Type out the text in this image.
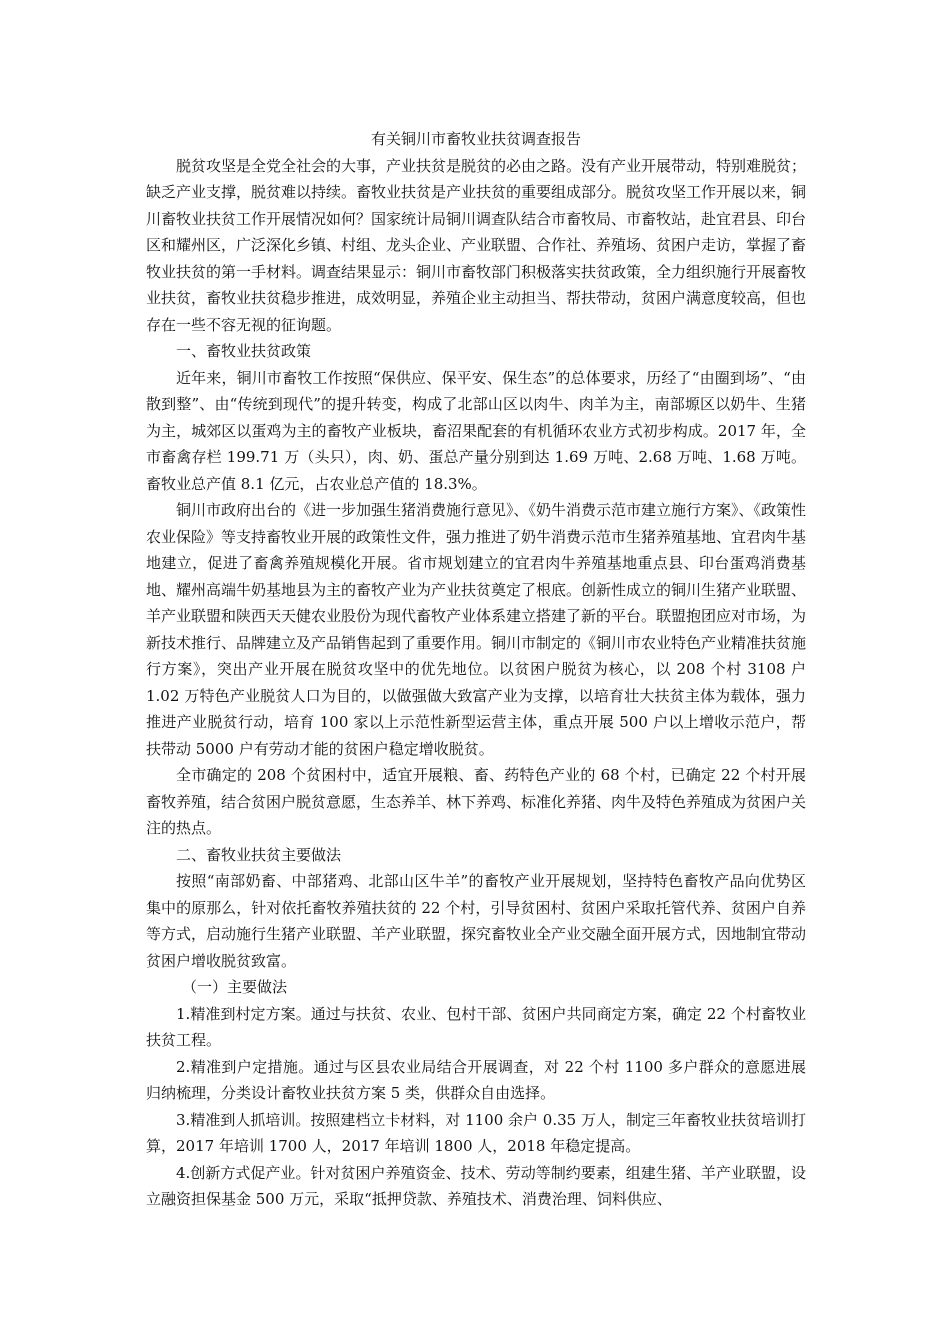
有关铜川市畜牧业扶贫调查报告

脱贫攻坚是全党全社会的大事，产业扶贫是脱贫的必由之路。没有产业开展带动，特别难脱贫；缺乏产业支撑，脱贫难以持续。畜牧业扶贫是产业扶贫的重要组成部分。脱贫攻坚工作开展以来，铜川畜牧业扶贫工作开展情况如何？国家统计局铜川调查队结合市畜牧局、市畜牧站，赴宜君县、印台区和耀州区，广泛深化乡镇、村组、龙头企业、产业联盟、合作社、养殖场、贫困户走访，掌握了畜牧业扶贫的第一手材料。调查结果显示：铜川市畜牧部门积极落实扶贫政策，全力组织施行开展畜牧业扶贫，畜牧业扶贫稳步推进，成效明显，养殖企业主动担当、帮扶带动，贫困户满意度较高，但也存在一些不容无视的征询题。

一、畜牧业扶贫政策

近年来，铜川市畜牧工作按照“保供应、保平安、保生态”的总体要求，历经了“由圈到场”、“由散到整”、由“传统到现代”的提升转变，构成了北部山区以肉牛、肉羊为主，南部塬区以奶牛、生猪为主，城郊区以蛋鸡为主的畜牧产业板块，畜沼果配套的有机循环农业方式初步构成。2017 年，全市畜禽存栏 199.71 万（头只），肉、奶、蛋总产量分别到达 1.69 万吨、2.68 万吨、1.68 万吨。畜牧业总产值 8.1 亿元，占农业总产值的 18.3%。

铜川市政府出台的《进一步加强生猪消费施行意见》、《奶牛消费示范市建立施行方案》、《政策性农业保险》等支持畜牧业开展的政策性文件，强力推进了奶牛消费示范市生猪养殖基地、宜君肉牛基地建立，促进了畜禽养殖规模化开展。省市规划建立的宜君肉牛养殖基地重点县、印台蛋鸡消费基地、耀州高端牛奶基地县为主的畜牧产业为产业扶贫奠定了根底。创新性成立的铜川生猪产业联盟、羊产业联盟和陕西天天健农业股份为现代畜牧产业体系建立搭建了新的平台。联盟抱团应对市场，为新技术推行、品牌建立及产品销售起到了重要作用。铜川市制定的《铜川市农业特色产业精准扶贫施行方案》，突出产业开展在脱贫攻坚中的优先地位。以贫困户脱贫为核心，以 208 个村 3108 户 1.02 万特色产业脱贫人口为目的，以做强做大致富产业为支撑，以培育壮大扶贫主体为载体，强力推进产业脱贫行动，培育 100 家以上示范性新型运营主体，重点开展 500 户以上增收示范户，帮扶带动 5000 户有劳动才能的贫困户稳定增收脱贫。

全市确定的 208 个贫困村中，适宜开展粮、畜、药特色产业的 68 个村，已确定 22 个村开展畜牧养殖，结合贫困户脱贫意愿，生态养羊、林下养鸡、标准化养猪、肉牛及特色养殖成为贫困户关注的热点。

二、畜牧业扶贫主要做法

按照“南部奶畜、中部猪鸡、北部山区牛羊”的畜牧产业开展规划，坚持特色畜牧产品向优势区集中的原那么，针对依托畜牧养殖扶贫的 22 个村，引导贫困村、贫困户采取托管代养、贫困户自养等方式，启动施行生猪产业联盟、羊产业联盟，探究畜牧业全产业交融全面开展方式，因地制宜带动贫困户增收脱贫致富。

（一）主要做法

1.精准到村定方案。通过与扶贫、农业、包村干部、贫困户共同商定方案，确定 22 个村畜牧业扶贫工程。

2.精准到户定措施。通过与区县农业局结合开展调查，对 22 个村 1100 多户群众的意愿进展归纳梳理，分类设计畜牧业扶贫方案 5 类，供群众自由选择。

3.精准到人抓培训。按照建档立卡材料，对 1100 余户 0.35 万人，制定三年畜牧业扶贫培训打算，2017 年培训 1700 人，2017 年培训 1800 人，2018 年稳定提高。

4.创新方式促产业。针对贫困户养殖资金、技术、劳动等制约要素，组建生猪、羊产业联盟，设立融资担保基金 500 万元，采取“抵押贷款、养殖技术、消费治理、饲料供应、
